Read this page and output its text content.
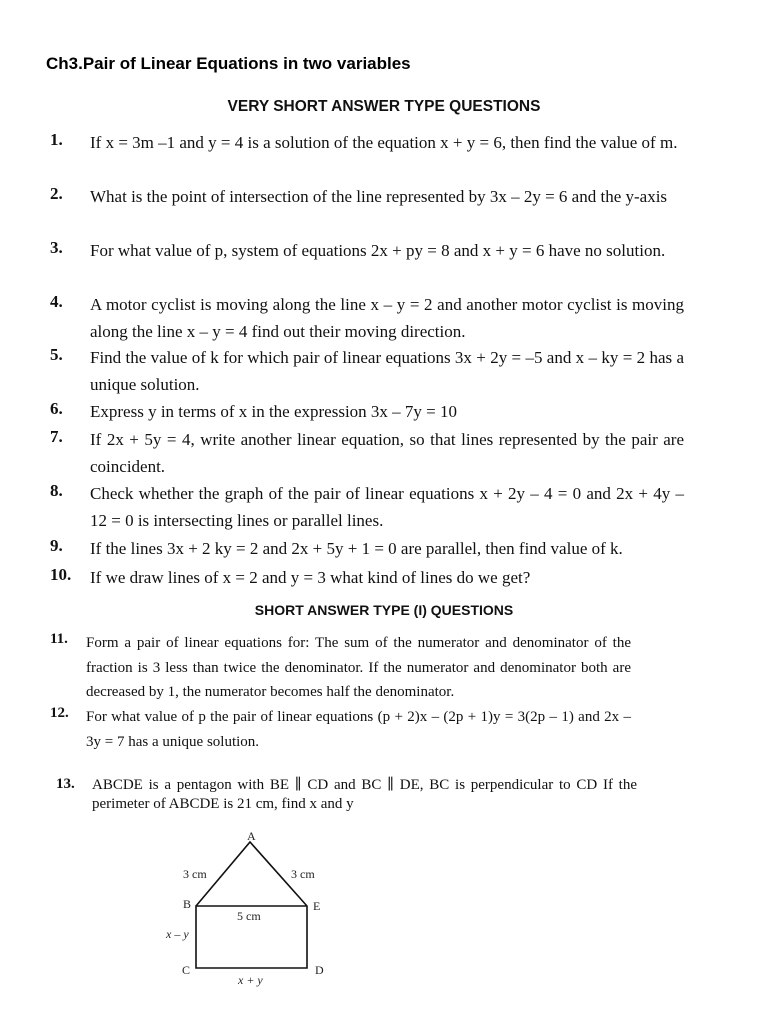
Ch3.Pair of Linear Equations in two variables
VERY SHORT ANSWER TYPE QUESTIONS
1. If x = 3m –1 and y = 4 is a solution of the equation x + y = 6, then find the value of m.
2. What is the point of intersection of the line represented by 3x – 2y = 6 and the y-axis
3. For what value of p, system of equations 2x + py = 8 and x + y = 6 have no solution.
4. A motor cyclist is moving along the line x – y = 2 and another motor cyclist is moving along the line x – y = 4 find out their moving direction.
5. Find the value of k for which pair of linear equations 3x + 2y = –5 and x – ky = 2 has a unique solution.
6. Express y in terms of x in the expression 3x – 7y = 10
7. If 2x + 5y = 4, write another linear equation, so that lines represented by the pair are coincident.
8. Check whether the graph of the pair of linear equations x + 2y – 4 = 0 and 2x + 4y – 12 = 0 is intersecting lines or parallel lines.
9. If the lines 3x + 2 ky = 2 and 2x + 5y + 1 = 0 are parallel, then find value of k.
10. If we draw lines of x = 2 and y = 3 what kind of lines do we get?
SHORT ANSWER TYPE (I) QUESTIONS
11. Form a pair of linear equations for: The sum of the numerator and denominator of the fraction is 3 less than twice the denominator. If the numerator and denominator both are decreased by 1, the numerator becomes half the denominator.
12. For what value of p the pair of linear equations (p + 2)x – (2p + 1)y = 3(2p – 1) and 2x – 3y = 7 has a unique solution.
13. ABCDE is a pentagon with BE ∥ CD and BC ∥ DE, BC is perpendicular to CD If the perimeter of ABCDE is 21 cm, find x and y
A
B	E
C	D
3 cm	3 cm
5 cm
x – y
x + y
